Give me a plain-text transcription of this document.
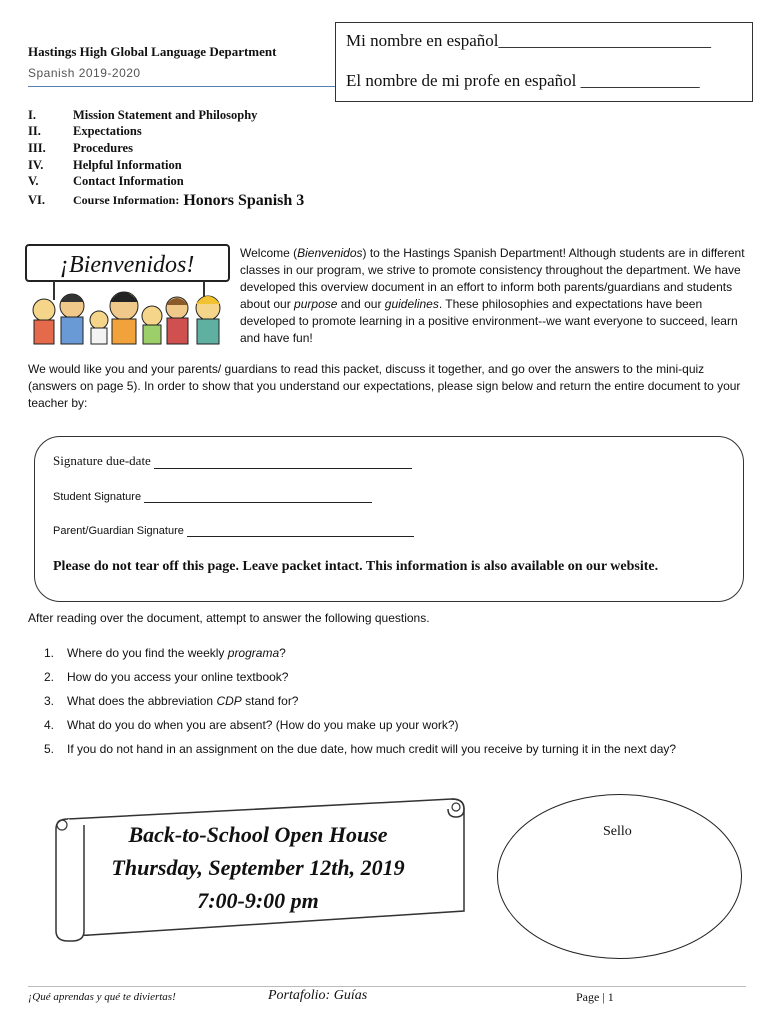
Hastings High Global Language Department
Spanish 2019-2020
Mi nombre en español_________________________
El nombre de mi profe en español ______________
I.	Mission Statement and Philosophy
II.	Expectations
III.	Procedures
IV.	Helpful Information
V.	Contact Information
VI.	Course Information: Honors Spanish 3
¡Bienvenidos!	Welcome (Bienvenidos) to the Hastings Spanish Department! Although students are in different classes in our program, we strive to promote consistency throughout the department. We have developed this overview document in an effort to inform both parents/guardians and students about our purpose and our guidelines. These philosophies and expectations have been developed to promote learning in a positive environment--we want everyone to succeed, learn and have fun!
We would like you and your parents/ guardians to read this packet, discuss it together, and go over the answers to the mini-quiz (answers on page 5). In order to show that you understand our expectations, please sign below and return the entire document to your teacher by:
Signature due-date
Student Signature
Parent/Guardian Signature
Please do not tear off this page. Leave packet intact. This information is also available on our website.
After reading over the document, attempt to answer the following questions.
1.	Where do you find the weekly programa?
2.	How do you access your online textbook?
3.	What does the abbreviation CDP stand for?
4.	What do you do when you are absent? (How do you make up your work?)
5.	If you do not hand in an assignment on the due date, how much credit will you receive by turning it in the next day?
Back-to-School Open House
Thursday, September 12th, 2019
7:00-9:00 pm
Sello
¡Qué aprendas y qué te diviertas!	Portafolio: Guías	Page | 1
